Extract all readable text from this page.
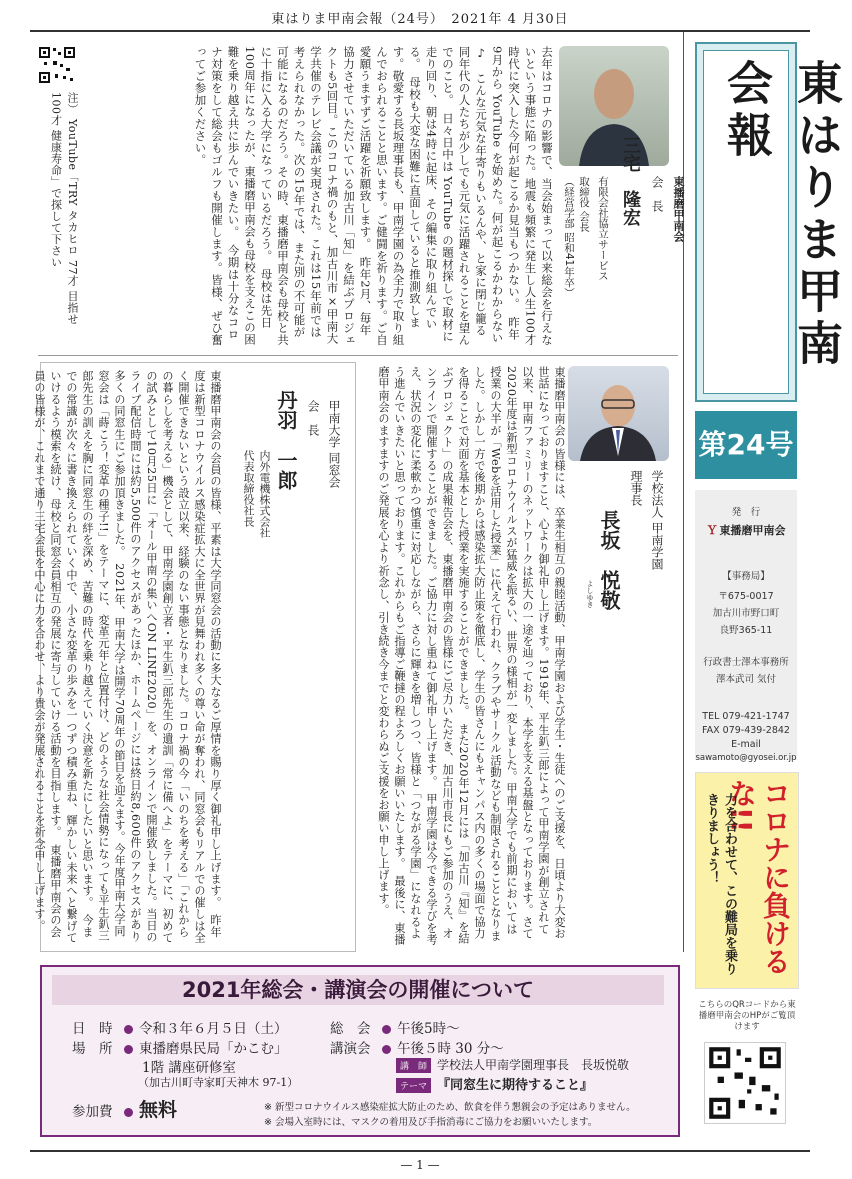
東はりま甲南会報（24号）　2021年 4 月30日
去年はコロナの影響で、当会始まって以来総会を行えないという事態に陥った。地震も頻繁に発生し人生100才時代に突入した今何が起こるか見当もつかない。　昨年9月から YouTube を始めた。何が起こるかわからない♪　こんな元気な年寄りもいるんや、と家に閉じ籠る同年代の人たちが少しでも元気に活躍されることを望んでのこと。　日々日中は YouTube の題材探しで取材に走り回り、朝は4時に起床、その編集に取り組んでいる。　母校も大変な困難に直面していると推測致します。敬愛する長坂理事長も、甲南学園の為全力で取り組んでおられることと思います。ご健闘を祈ります。ご自愛願うますずご活躍を祈願致します。　昨年2月、毎年協力させていただいている加古川「知」を結ぶプロジェクトも5回目。このコロナ禍のもと、加古川市×甲南大学共催のテレビ会議が実現された。これは15年前では考えられなかった。次の15年では、また別の不可能が可能になるのだろう。その時、東播磨甲南会も母校と共に十指に入る大学になっているだろう。　母校は先日100周年になったが、東播磨甲南会も母校を支えこの困難を乗り越え共に歩んでいきたい。　今期は十分なコロナ対策をして総会もゴルフも開催します。皆様、ぜひ奮ってご参加ください。
注） YouTube「TRY タカヒロ 77才 目指せ100才 健康寿命」で探して下さい	東播磨甲南会
会　長
三宅　隆宏
有限会社協立サービス
取締役 会長
（経営学部 昭和41年卒）
学校法人 甲南学園
理事長
長坂　悦敬
よしゆき
東播磨甲南会の皆様には、卒業生相互の親睦活動、甲南学園および学生・生徒へのご支援を、日頃より大変お世話になっておりますこと、心より御礼申し上げます。1919年、平生釟三郎によって甲南学園が創立されて以来、甲南ファミリーのネットワークは拡大の一途を辿っており、本学を支える基盤となっております。さて2020年度は新型コロナウイルスが猛威を振るい、世界の様相が一変しました。甲南大学でも前期においては授業の大半が「Webを活用した授業」に代えて行われ、クラブやサークル活動なども制限されることとなりました。しかし一方で後期からは感染拡大防止策を徹底し、学生の皆さんにもキャンパス内の多くの場面で協力を得ることで対面を基本とした授業を実施することができました。　また2020年12月には「加古川『知』を結ぶプロジェクト」の成果報告会を、東播磨甲南会の皆様にご尽力いただき、加古川市長にもご参加のうえ、オンラインで開催することができました。ご協力に対し重ねて御礼申し上げます。　甲南学園は今できる学びを考え、状況の変化に柔軟かつ慎重に対応しながら、さらに輝きを増しつつ、皆様と「つながる学園」になれるよう進んでいきたいと思っております。これからもご指導ご鞭撻の程よろしくお願いいたします。　最後に、東播磨甲南会のますますのご発展を心より祈念し、引き続き今までと変わらぬご支援をお願い申し上げます。
甲南大学 同窓会
会　長
丹羽　一郎
内外電機株式会社
代表取締役社長
東播磨甲南会の会員の皆様、平素は大学同窓会の活動に多大なるご厚情を賜り厚く御礼申し上げます。　昨年度は新型コロナウイルス感染症拡大に全世界が見舞われ多くの尊い命が奪われ、同窓会もリアルでの催しは全く開催できないという設立以来、経験のない事態となりました。コロナ禍の今「いのちを考える」「これからの暮らしを考える」機会として、甲南学園創立者・平生釟三郎先生の遺訓「常に備へよ」をテーマに、初めての試みとして10月25日に「オール甲南の集いへON LINE2020」を、オンラインで開催致しました。当日のライブ配信時間には約5,500件のアクセスがあったほか、ホームページには終日約8,600件のアクセスがあり多くの同窓生にご参加頂きました。　2021年、甲南大学は開学70周年の節目を迎えます。今年度甲南大学同窓会は「蒔こう！変革の種子!!」をテーマに、変革元年と位置付け、どのような社会情勢になっても平生釟三郎先生の訓えを胸に同窓生の絆を深め、苦難の時代を乗り越えていく決意を新たにしたいと思います。　今までの常識が次々に書き換えられていく中で、小さな変革の歩みを一つずつ積み重ね、輝かしい未来へと繋げていけるよう模索を続け、母校と同窓会員相互の発展に寄与していける活動を目指します。　東播磨甲南会の会員の皆様が、これまで通り三宅会長を中心に力を合わせ、より貴会が発展されることを祈念申し上げます。
東はりま甲南会報
第24号
発　行
Ｙ 東播磨甲南会
【事務局】
〒675-0017
加古川市野口町
良野365-11
行政書士澤本事務所
澤本武司 気付
TEL 079-421-1747
FAX 079-439-2842
E-mail
sawamoto@gyosei.or.jp
コロナに負けるな!!
力を合わせて、この難局を乗りきりましょう！
こちらのQRコードから東播磨甲南会のHPがご覧頂けます
2021年総会・講演会の開催について
日　時 令和３年６月５日（土）
場　所 東播磨県民局「かこむ」
1階 講座研修室
（加古川町寺家町天神木 97-1）
参加費 無料
総　会 午後5時～
講演会 午後５時 30 分～
講　師 学校法人甲南学園理事長　長坂悦敬
テーマ 『同窓生に期待すること』
※ 新型コロナウイルス感染症拡大防止のため、飲食を伴う懇親会の予定はありません。
※ 会場入室時には、マスクの着用及び手指消毒にご協力をお願いいたします。
— 1 —
